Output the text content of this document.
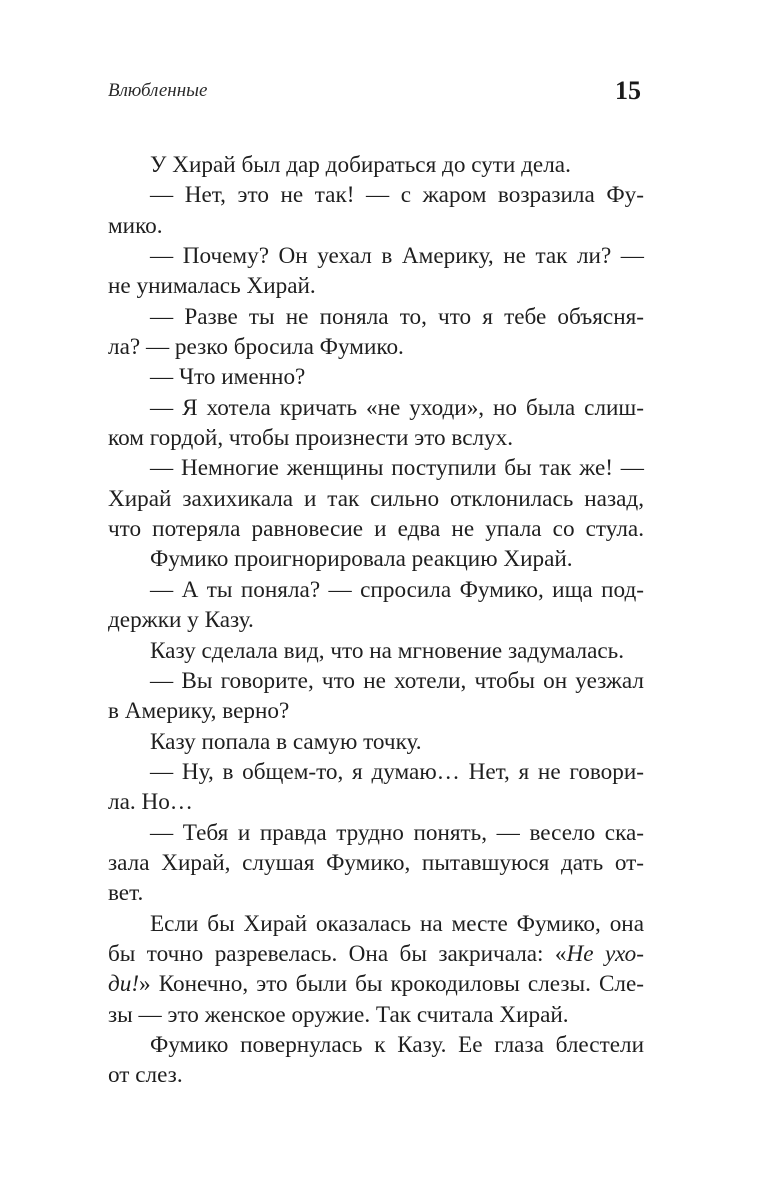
Влюбленные	15
У Хирай был дар добираться до сути дела.
— Нет, это не так! — с жаром возразила Фу-
мико.
— Почему? Он уехал в Америку, не так ли? —
не унималась Хирай.
— Разве ты не поняла то, что я тебе объясня-
ла? — резко бросила Фумико.
— Что именно?
— Я хотела кричать «не уходи», но была слиш-
ком гордой, чтобы произнести это вслух.
— Немногие женщины поступили бы так же! —
Хирай захихикала и так сильно отклонилась назад,
что потеряла равновесие и едва не упала со стула.
Фумико проигнорировала реакцию Хирай.
— А ты поняла? — спросила Фумико, ища под-
держки у Казу.
Казу сделала вид, что на мгновение задумалась.
— Вы говорите, что не хотели, чтобы он уезжал
в Америку, верно?
Казу попала в самую точку.
— Ну, в общем-то, я думаю… Нет, я не говори-
ла. Но…
— Тебя и правда трудно понять, — весело ска-
зала Хирай, слушая Фумико, пытавшуюся дать от-
вет.
Если бы Хирай оказалась на месте Фумико, она
бы точно разревелась. Она бы закричала: «Не ухо-
ди!» Конечно, это были бы крокодиловы слезы. Сле-
зы — это женское оружие. Так считала Хирай.
Фумико повернулась к Казу. Ее глаза блестели
от слез.
